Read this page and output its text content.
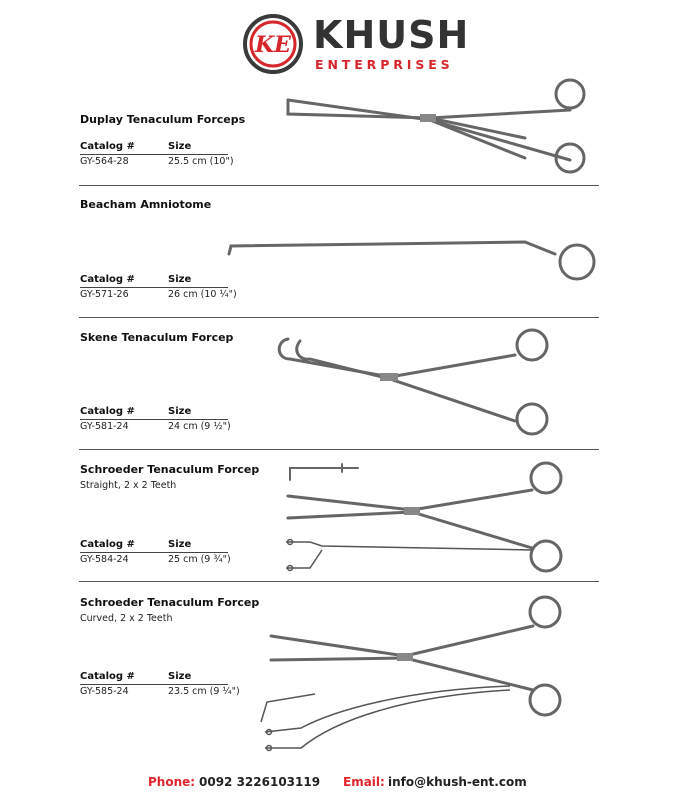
KE KHUSH
ENTERPRISES
Duplay Tenaculum Forceps
Catalog #	Size
GY-564-28	25.5 cm (10")
Beacham Amniotome
Catalog #	Size
GY-571-26	26 cm (10 ¼")
Skene Tenaculum Forcep
Catalog #	Size
GY-581-24	24 cm (9 ½")
Schroeder Tenaculum Forcep
Straight, 2 x 2 Teeth
Catalog #	Size
GY-584-24	25 cm (9 ¾")
Schroeder Tenaculum Forcep
Curved, 2 x 2 Teeth
Catalog #	Size
GY-585-24	23.5 cm (9 ¼")
Phone: 0092 3226103119 Email: info@khush-ent.com
